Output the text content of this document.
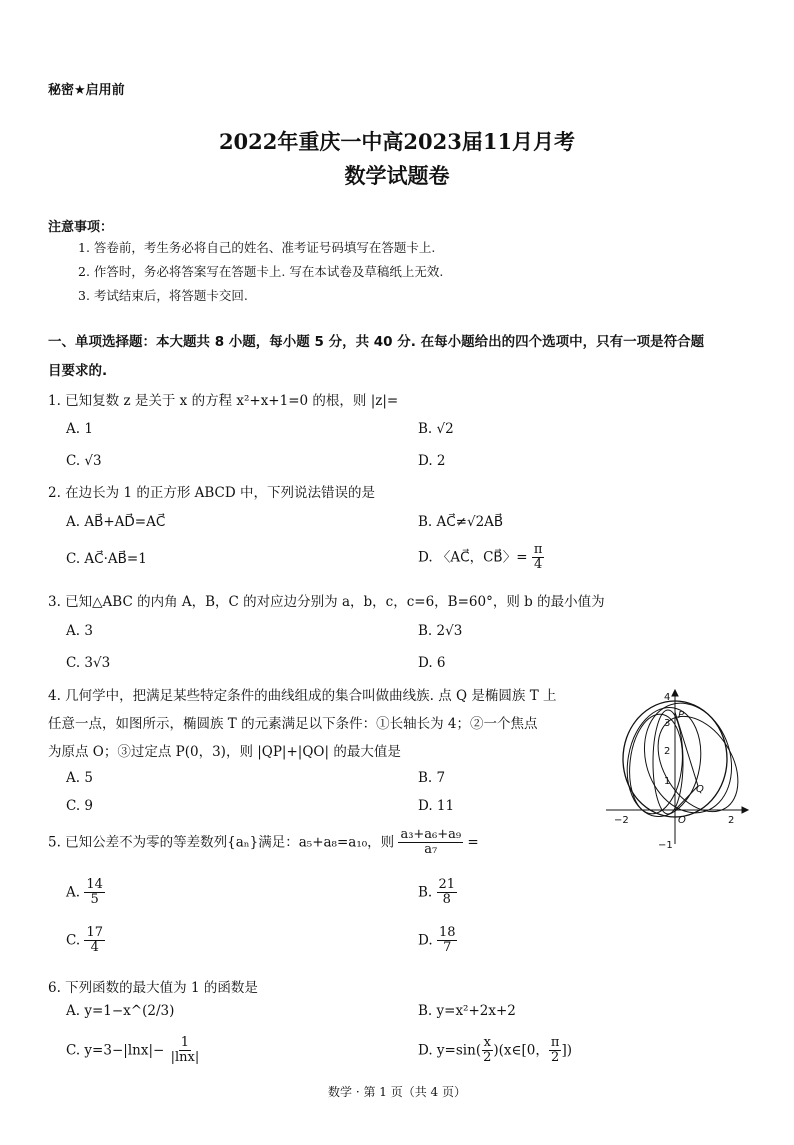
秘密★启用前
2022年重庆一中高2023届11月月考
数学试题卷
注意事项：
1. 答卷前，考生务必将自己的姓名、准考证号码填写在答题卡上.
2. 作答时，务必将答案写在答题卡上. 写在本试卷及草稿纸上无效.
3. 考试结束后，将答题卡交回.
一、单项选择题：本大题共 8 小题，每小题 5 分，共 40 分. 在每小题给出的四个选项中，只有一项是符合题
目要求的.
1. 已知复数 z 是关于 x 的方程 x²+x+1=0 的根，则 |z|=
A. 1	B. √2
C. √3	D. 2
2. 在边长为 1 的正方形 ABCD 中，下列说法错误的是
A. AB⃗+AD⃗=AC⃗	B. AC⃗≠√2AB⃗
C. AC⃗·AB⃗=1	D. 〈AC⃗，CB⃗〉= $\frac{\pi}{4}$
3. 已知△ABC 的内角 A，B，C 的对应边分别为 a，b，c，c=6，B=60°，则 b 的最小值为
A. 3	B. 2√3
C. 3√3	D. 6
4. 几何学中，把满足某些特定条件的曲线组成的集合叫做曲线族. 点 Q 是椭圆族 T 上
任意一点，如图所示，椭圆族 T 的元素满足以下条件：①长轴长为 4；②一个焦点
为原点 O；③过定点 P(0，3)，则 |QP|+|QO| 的最大值是
A. 5	B. 7
C. 9	D. 11
−2	2
4
3
2
1
−1
P
Q
O
5. 已知公差不为零的等差数列{aₙ}满足：a₅+a₈=a₁₀，则 $\frac{\text{a₃+a₆+a₉}}{\text{a₇}}$ =
A. $\frac{14}{5}$	B. $\frac{21}{8}$
C. $\frac{17}{4}$	D. $\frac{18}{7}$
6. 下列函数的最大值为 1 的函数是
A. y=1−x^(2/3)	B. y=x²+2x+2
C. $y=3-|\ln x|- \frac{1}{|\ln x|}$	D. $y=\sin( \frac{x}{2}$ )(x∈[0， $\frac{\pi}{2}$ ])
数学 · 第 1 页（共 4 页）
